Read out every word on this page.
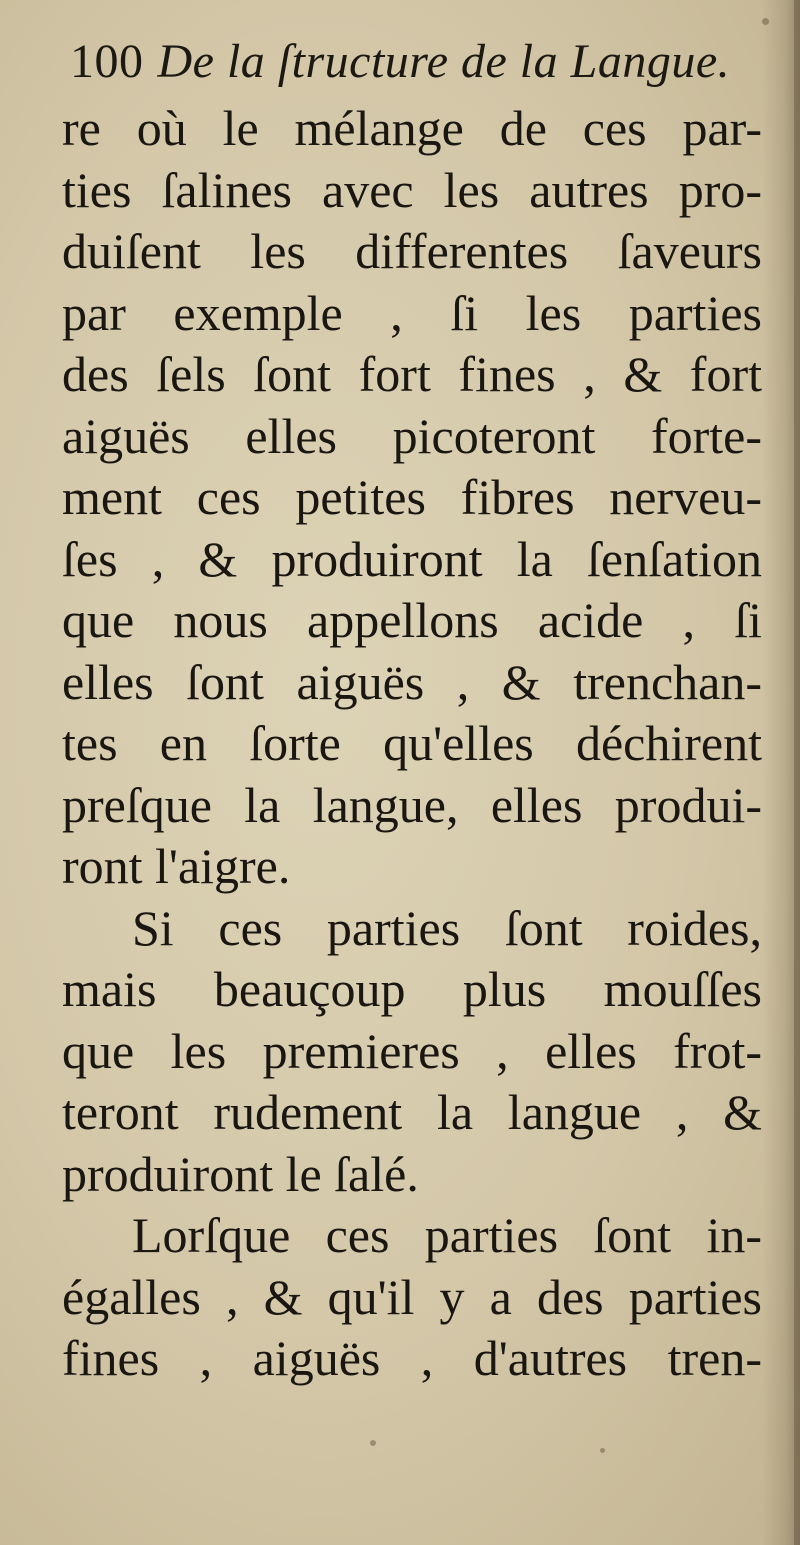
100 De la ſtructure de la Langue.
re où le mélange de ces par-
ties ſalines avec les autres pro-
duiſent les differentes ſaveurs
par exemple , ſi les parties
des ſels ſont fort fines , & fort
aiguës elles picoteront forte-
ment ces petites fibres nerveu-
ſes , & produiront la ſenſation
que nous appellons acide , ſi
elles ſont aiguës , & trenchan-
tes en ſorte qu'elles déchirent
preſque la langue, elles produi-
ront l'aigre.
Si ces parties ſont roides,
mais beauçoup plus mouſſes
que les premieres , elles frot-
teront rudement la langue , &
produiront le ſalé.
Lorſque ces parties ſont in-
égalles , & qu'il y a des parties
fines , aiguës , d'autres tren-
